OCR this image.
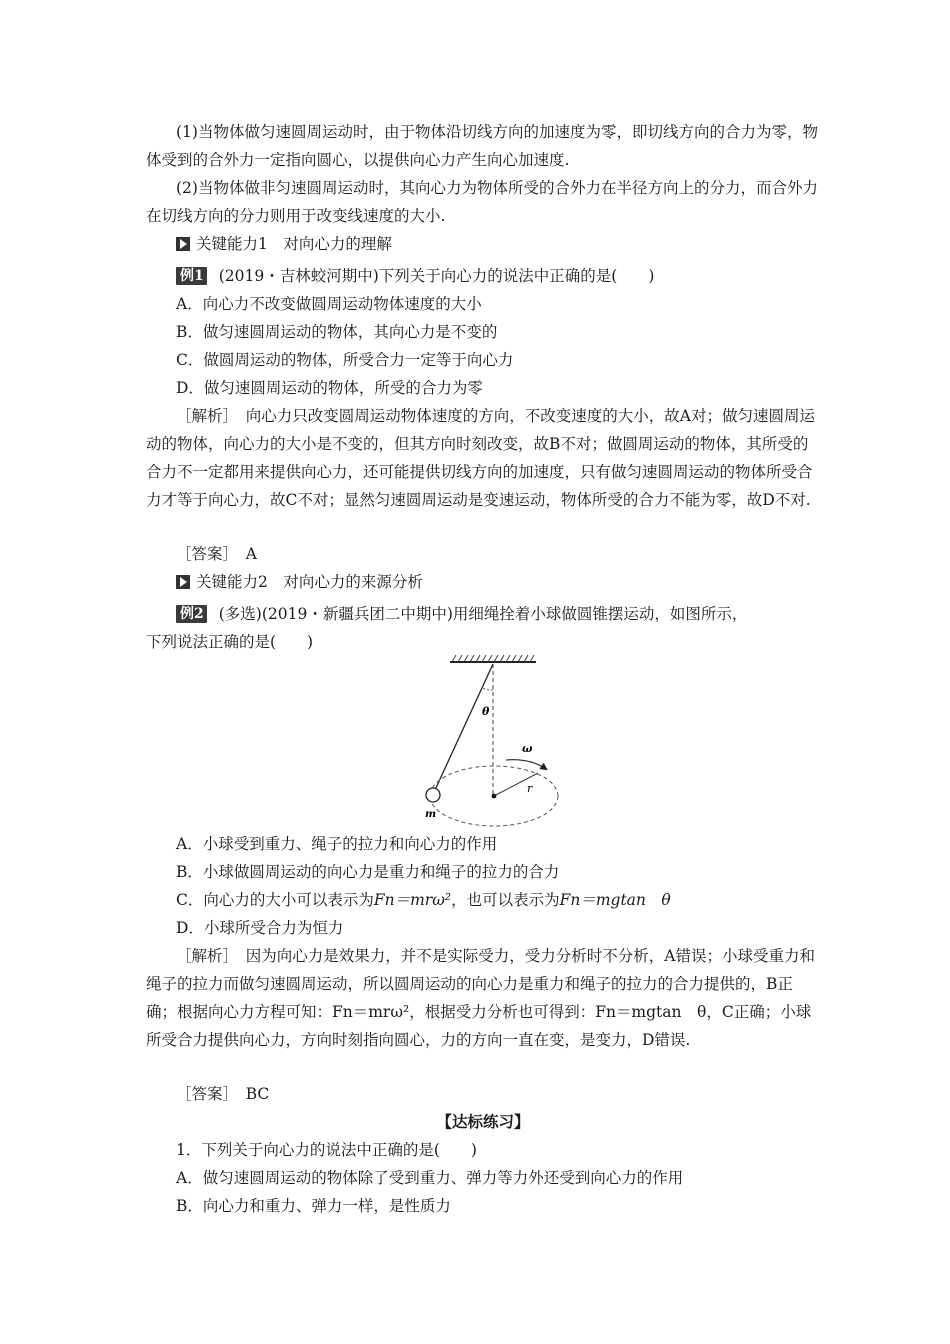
(1)当物体做匀速圆周运动时，由于物体沿切线方向的加速度为零，即切线方向的合力为零，物体受到的合外力一定指向圆心，以提供向心力产生向心加速度.

(2)当物体做非匀速圆周运动时，其向心力为物体所受的合外力在半径方向上的分力，而合外力在切线方向的分力则用于改变线速度的大小.

关键能力1　对向心力的理解

例1 (2019・吉林蛟河期中)下列关于向心力的说法中正确的是(　　)

A．向心力不改变做圆周运动物体速度的大小

B．做匀速圆周运动的物体，其向心力是不变的

C．做圆周运动的物体，所受合力一定等于向心力

D．做匀速圆周运动的物体，所受的合力为零

［解析］　向心力只改变圆周运动物体速度的方向，不改变速度的大小，故A对；做匀速圆周运动的物体，向心力的大小是不变的，但其方向时刻改变，故B不对；做圆周运动的物体，其所受的合力不一定都用来提供向心力，还可能提供切线方向的加速度，只有做匀速圆周运动的物体所受合力才等于向心力，故C不对；显然匀速圆周运动是变速运动，物体所受的合力不能为零，故D不对.

［答案］　A

关键能力2　对向心力的来源分析

例2 (多选)(2019・新疆兵团二中期中)用细绳拴着小球做圆锥摆运动，如图所示，

下列说法正确的是(　　)

θ
r
ω
m

A．小球受到重力、绳子的拉力和向心力的作用

B．小球做圆周运动的向心力是重力和绳子的拉力的合力

C．向心力的大小可以表示为Fn＝mrω²，也可以表示为Fn＝mgtan　θ

D．小球所受合力为恒力

［解析］　因为向心力是效果力，并不是实际受力，受力分析时不分析，A错误；小球受重力和绳子的拉力而做匀速圆周运动，所以圆周运动的向心力是重力和绳子的拉力的合力提供的，B正确；根据向心力方程可知：Fn＝mrω²，根据受力分析也可得到：Fn＝mgtan　θ，C正确；小球所受合力提供向心力，方向时刻指向圆心，力的方向一直在变，是变力，D错误.

［答案］　BC

【达标练习】

1．下列关于向心力的说法中正确的是(　　)

A．做匀速圆周运动的物体除了受到重力、弹力等力外还受到向心力的作用

B．向心力和重力、弹力一样，是性质力
